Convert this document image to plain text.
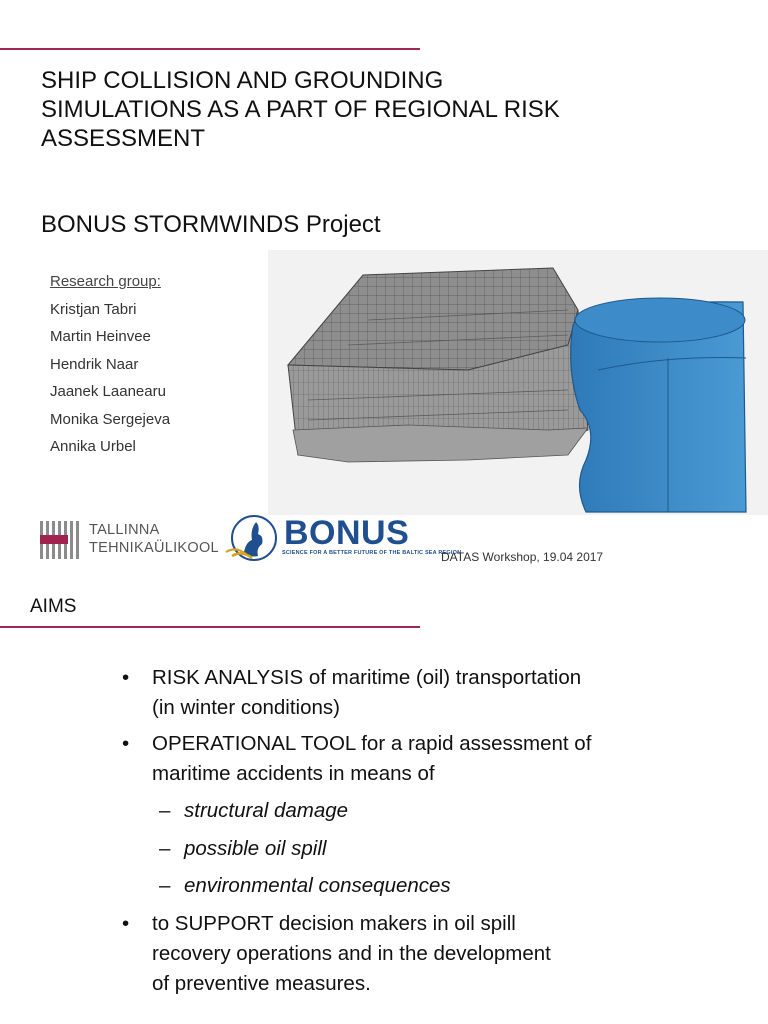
SHIP COLLISION AND GROUNDING
SIMULATIONS AS A PART OF REGIONAL RISK
ASSESSMENT
BONUS STORMWINDS Project
Research group:
Kristjan Tabri
Martin Heinvee
Hendrik Naar
Jaanek Laanearu
Monika Sergejeva
Annika Urbel
TALLINNA
TEHNIKAÜLIKOOL BONUS
SCIENCE FOR A BETTER FUTURE OF THE BALTIC SEA REGION
DATAS Workshop, 19.04 2017
AIMS
•	RISK ANALYSIS of maritime (oil) transportation
(in winter conditions)
•	OPERATIONAL TOOL for a rapid assessment of
maritime accidents in means of
– structural damage
– possible oil spill
– environmental consequences
•	to SUPPORT decision makers in oil spill
recovery operations and in the development
of preventive measures.
